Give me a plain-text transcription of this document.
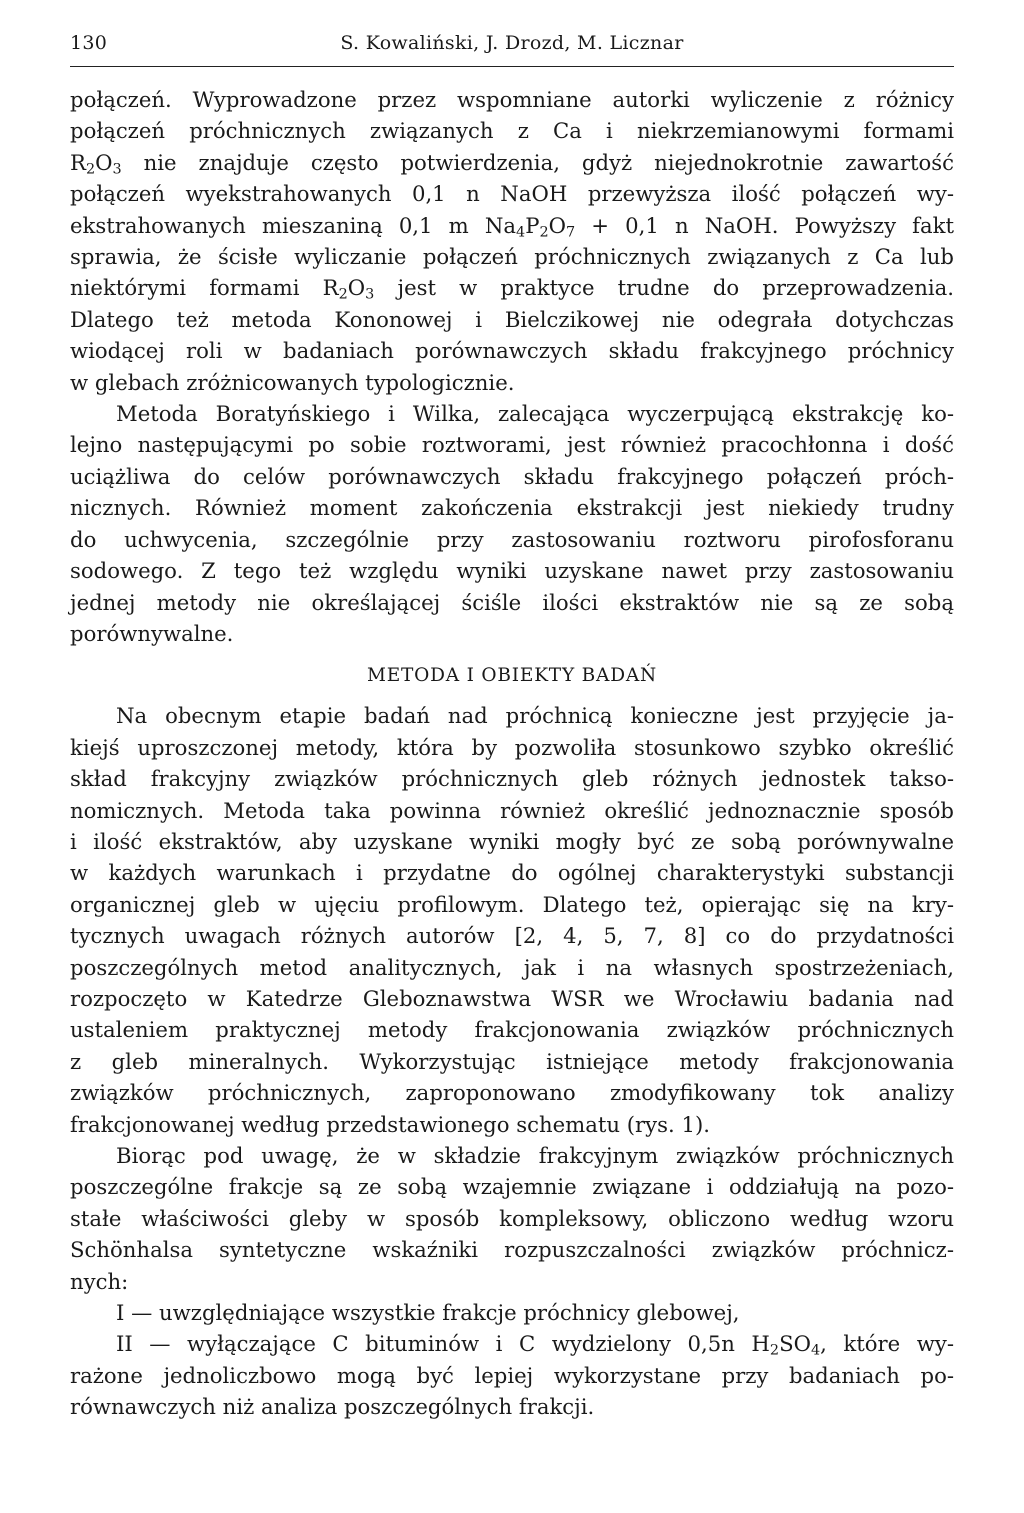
130	S. Kowaliński, J. Drozd, M. Licznar

połączeń. Wyprowadzone przez wspomniane autorki wyliczenie z różnicy
połączeń próchnicznych związanych z Ca i niekrzemianowymi formami
$R_2O_3$ nie znajduje często potwierdzenia, gdyż niejednokrotnie zawartość
połączeń wyekstrahowanych 0,1 n NaOH przewyższa ilość połączeń wy-
ekstrahowanych mieszaniną 0,1 m $Na_4P_2O_7 + 0,1$ n NaOH. Powyższy fakt
sprawia, że ścisłe wyliczanie połączeń próchnicznych związanych z Ca lub
niektórymi formami $R_2O_3$ jest w praktyce trudne do przeprowadzenia.
Dlatego też metoda Kononowej i Bielczikowej nie odegrała dotychczas
wiodącej roli w badaniach porównawczych składu frakcyjnego próchnicy
w glebach zróżnicowanych typologicznie.

Metoda Boratyńskiego i Wilka, zalecająca wyczerpującą ekstrakcję ko-
lejno następującymi po sobie roztworami, jest również pracochłonna i dość
uciążliwa do celów porównawczych składu frakcyjnego połączeń próch-
nicznych. Również moment zakończenia ekstrakcji jest niekiedy trudny
do uchwycenia, szczególnie przy zastosowaniu roztworu pirofosforanu
sodowego. Z tego też względu wyniki uzyskane nawet przy zastosowaniu
jednej metody nie określającej ściśle ilości ekstraktów nie są ze sobą
porównywalne.

METODA I OBIEKTY BADAŃ

Na obecnym etapie badań nad próchnicą konieczne jest przyjęcie ja-
kiejś uproszczonej metody, która by pozwoliła stosunkowo szybko określić
skład frakcyjny związków próchnicznych gleb różnych jednostek takso-
nomicznych. Metoda taka powinna również określić jednoznacznie sposób
i ilość ekstraktów, aby uzyskane wyniki mogły być ze sobą porównywalne
w każdych warunkach i przydatne do ogólnej charakterystyki substancji
organicznej gleb w ujęciu profilowym. Dlatego też, opierając się na kry-
tycznych uwagach różnych autorów [2, 4, 5, 7, 8] co do przydatności
poszczególnych metod analitycznych, jak i na własnych spostrzeżeniach,
rozpoczęto w Katedrze Gleboznawstwa WSR we Wrocławiu badania nad
ustaleniem praktycznej metody frakcjonowania związków próchnicznych
z gleb mineralnych. Wykorzystując istniejące metody frakcjonowania
związków próchnicznych, zaproponowano zmodyfikowany tok analizy
frakcjonowanej według przedstawionego schematu (rys. 1).

Biorąc pod uwagę, że w składzie frakcyjnym związków próchnicznych
poszczególne frakcje są ze sobą wzajemnie związane i oddziałują na pozo-
stałe właściwości gleby w sposób kompleksowy, obliczono według wzoru
Schönhalsa syntetyczne wskaźniki rozpuszczalności związków próchnicz-
nych:

I — uwzględniające wszystkie frakcje próchnicy glebowej,

II — wyłączające C bituminów i C wydzielony 0,5n $H_2SO_4$, które wy-
rażone jednoliczbowo mogą być lepiej wykorzystane przy badaniach po-
równawczych niż analiza poszczególnych frakcji.
